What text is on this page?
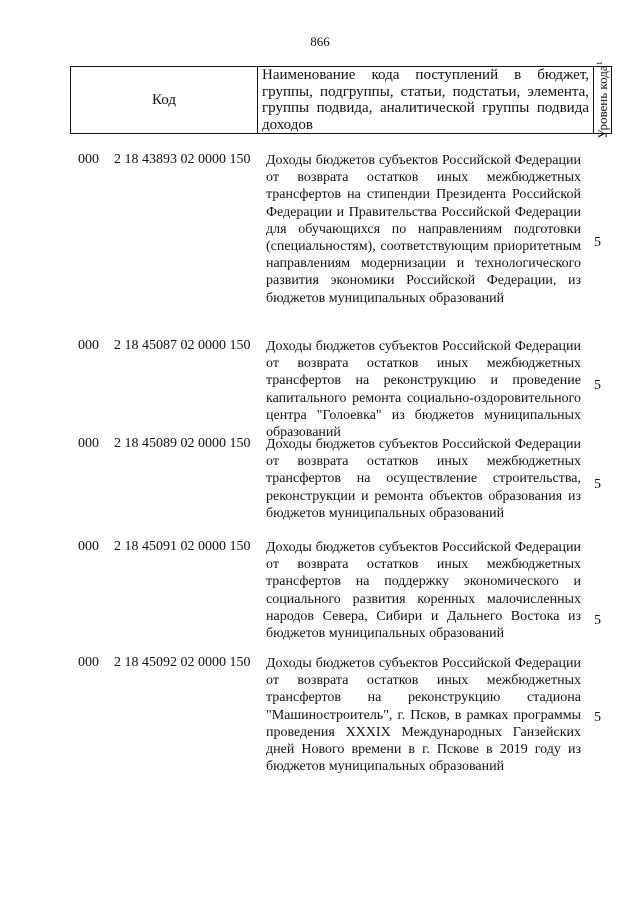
866
Код
Наименование кода поступлений в бюджет, группы, подгруппы, статьи, подстатьи, элемента, группы подвида, аналитической группы подвида доходов	Уровень кода$^1$
000 2 18 43893 02 0000 150 Доходы бюджетов субъектов Российской Федерации от возврата остатков иных межбюджетных трансфертов на стипендии Президента Российской Федерации и Правительства Российской Федерации для обучающихся по направлениям подготовки (специальностям), соответствующим приоритетным направлениям модернизации и технологического развития экономики Российской Федерации, из бюджетов муниципальных образований
5
000 2 18 45087 02 0000 150 Доходы бюджетов субъектов Российской Федерации от возврата остатков иных межбюджетных трансфертов на реконструкцию и проведение капитального ремонта социально-оздоровительного центра "Голоевка" из бюджетов муниципальных образований
5
000 2 18 45089 02 0000 150 Доходы бюджетов субъектов Российской Федерации от возврата остатков иных межбюджетных трансфертов на осуществление строительства, реконструкции и ремонта объектов образования из бюджетов муниципальных образований
5
000 2 18 45091 02 0000 150 Доходы бюджетов субъектов Российской Федерации от возврата остатков иных межбюджетных трансфертов на поддержку экономического и социального развития коренных малочисленных народов Севера, Сибири и Дальнего Востока из бюджетов муниципальных образований
5
000 2 18 45092 02 0000 150 Доходы бюджетов субъектов Российской Федерации от возврата остатков иных межбюджетных трансфертов на реконструкцию стадиона "Машиностроитель", г. Псков, в рамках программы проведения XXXIX Международных Ганзейских дней Нового времени в г. Пскове в 2019 году из бюджетов муниципальных образований
5
